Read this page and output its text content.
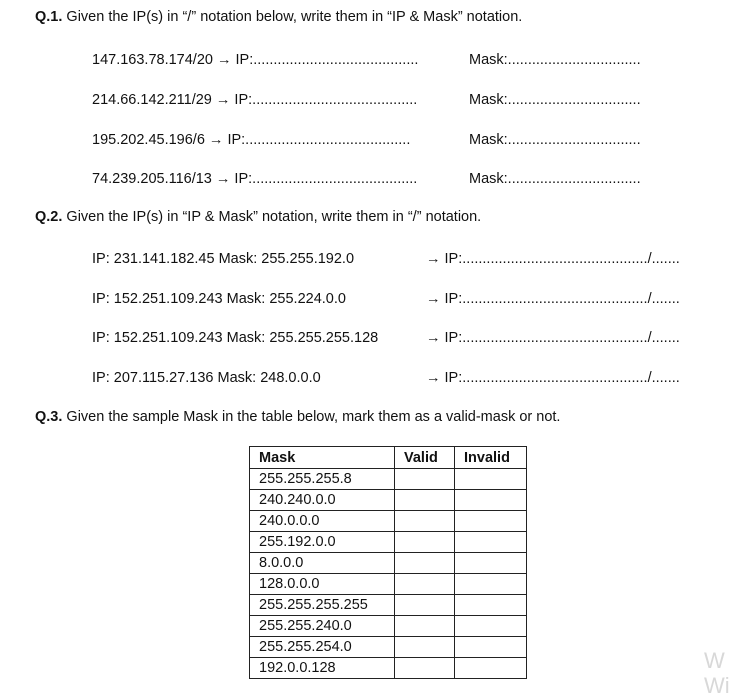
Q.1. Given the IP(s) in “/” notation below, write them in “IP & Mask” notation.
147.163.78.174/20 → IP:.........................................	Mask:.................................
214.66.142.211/29 → IP:.........................................	Mask:.................................
195.202.45.196/6 → IP:.........................................	Mask:.................................
74.239.205.116/13 → IP:.........................................	Mask:.................................
Q.2. Given the IP(s) in “IP & Mask” notation, write them in “/” notation.
IP: 231.141.182.45 Mask: 255.255.192.0	→ IP:............................................../.......
IP: 152.251.109.243 Mask: 255.224.0.0	→ IP:............................................../.......
IP: 152.251.109.243 Mask: 255.255.255.128	→ IP:............................................../.......
IP: 207.115.27.136 Mask: 248.0.0.0	→ IP:............................................../.......
Q.3. Given the sample Mask in the table below, mark them as a valid-mask or not.
Mask	Valid	Invalid
255.255.255.8		
240.240.0.0		
240.0.0.0		
255.192.0.0		
8.0.0.0		
128.0.0.0		
255.255.255.255		
255.255.240.0		
255.255.254.0		
192.0.0.128			W
Wi
